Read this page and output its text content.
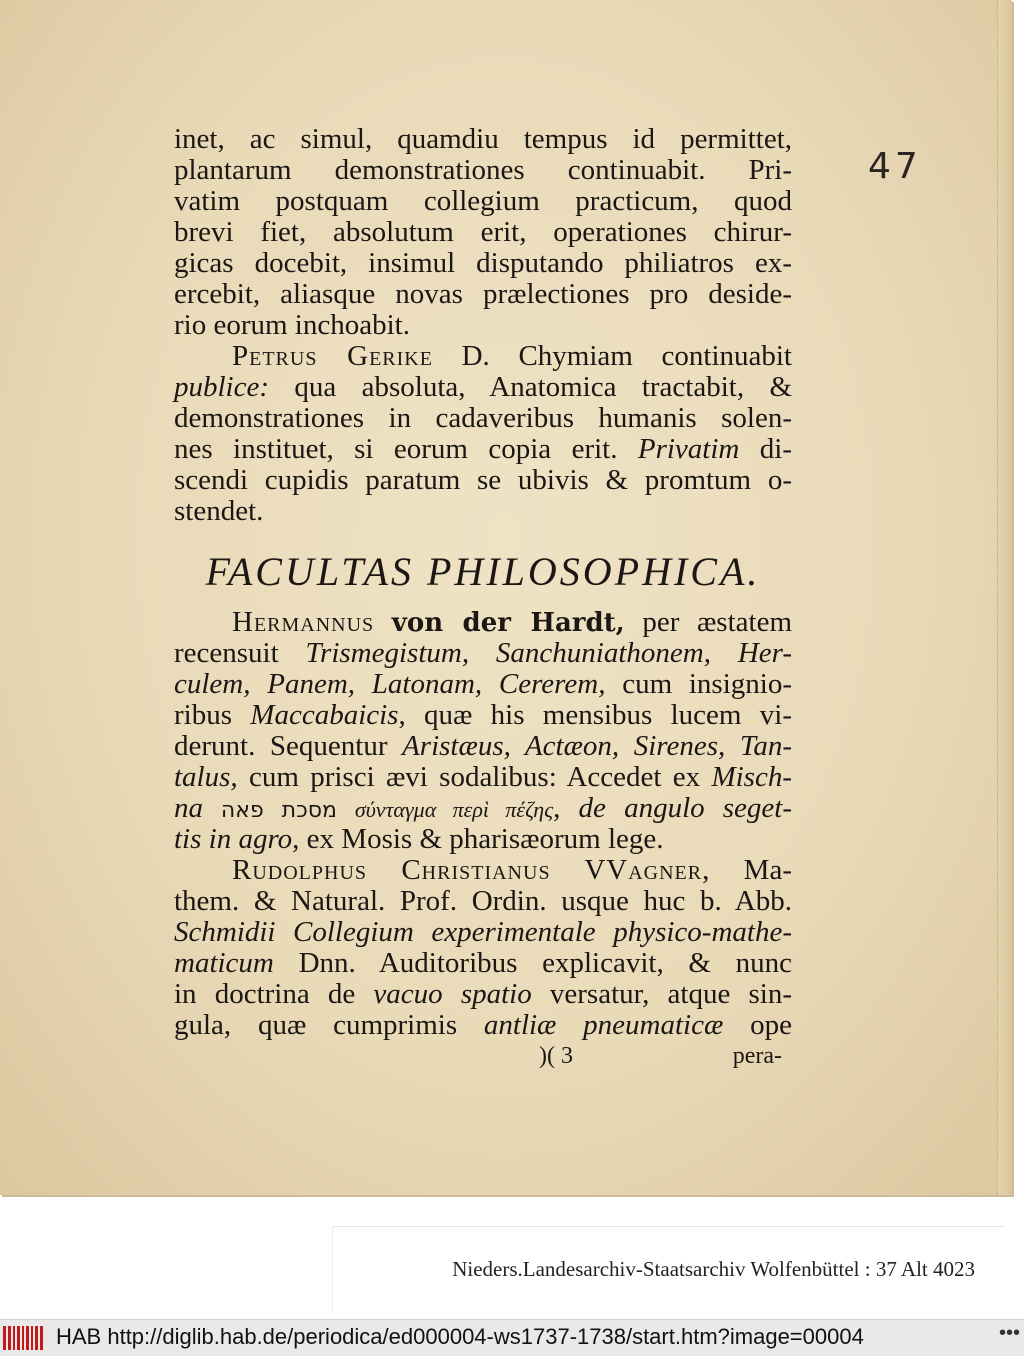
47
inet, ac simul, quamdiu tempus id permittet,
plantarum demonstrationes continuabit. Pri-
vatim postquam collegium practicum, quod
brevi fiet, absolutum erit, operationes chirur-
gicas docebit, insimul disputando philiatros ex-
ercebit, aliasque novas prælectiones pro deside-
rio eorum inchoabit.
Petrus Gerike D. Chymiam continuabit
publice: qua absoluta, Anatomica tractabit, &
demonstrationes in cadaveribus humanis solen-
nes instituet, si eorum copia erit. Privatim di-
scendi cupidis paratum se ubivis & promtum o-
stendet.
FACULTAS PHILOSOPHICA.
Hermannus von der Hardt, per æstatem
recensuit Trismegistum, Sanchuniathonem, Her-
culem, Panem, Latonam, Cererem, cum insignio-
ribus Maccabaicis, quæ his mensibus lucem vi-
derunt. Sequentur Aristæus, Actæon, Sirenes, Tan-
talus, cum prisci ævi sodalibus: Accedet ex Misch-
na מסכת פאה σύνταγμα περὶ πέζης, de angulo seget-
tis in agro, ex Mosis & pharisæorum lege.
Rudolphus Christianus VVagner, Ma-
them. & Natural. Prof. Ordin. usque huc b. Abb.
Schmidii Collegium experimentale physico-mathe-
maticum Dnn. Auditoribus explicavit, & nunc
in doctrina de vacuo spatio versatur, atque sin-
gula, quæ cumprimis antliæ pneumaticæ ope
)( 3	pera-
Nieders.Landesarchiv-Staatsarchiv Wolfenbüttel : 37 Alt 4023
HAB http://diglib.hab.de/periodica/ed000004-ws1737-1738/start.htm?image=00004	•••
